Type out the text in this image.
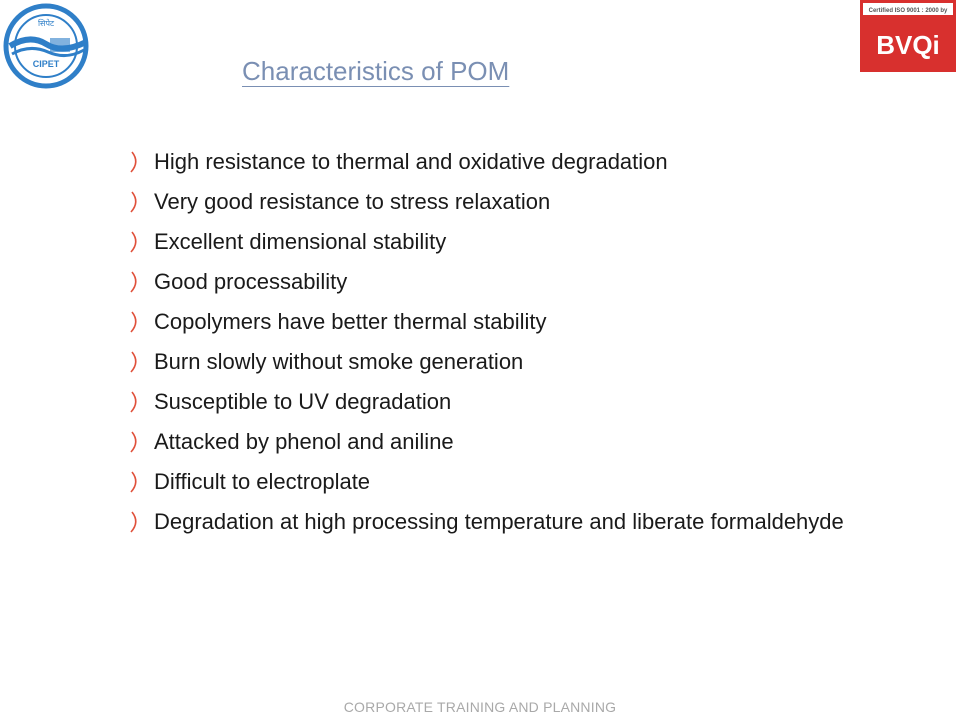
CIPET
सिपेट
Certified ISO 9001 : 2000 by
BVQi
Characteristics of POM
High resistance to thermal and oxidative degradation
Very good resistance to stress relaxation
Excellent dimensional stability
Good processability
Copolymers have better thermal stability
Burn slowly without smoke generation
Susceptible to UV degradation
Attacked by phenol and aniline
Difficult to electroplate
Degradation at high processing temperature and liberate formaldehyde
CORPORATE TRAINING AND PLANNING
